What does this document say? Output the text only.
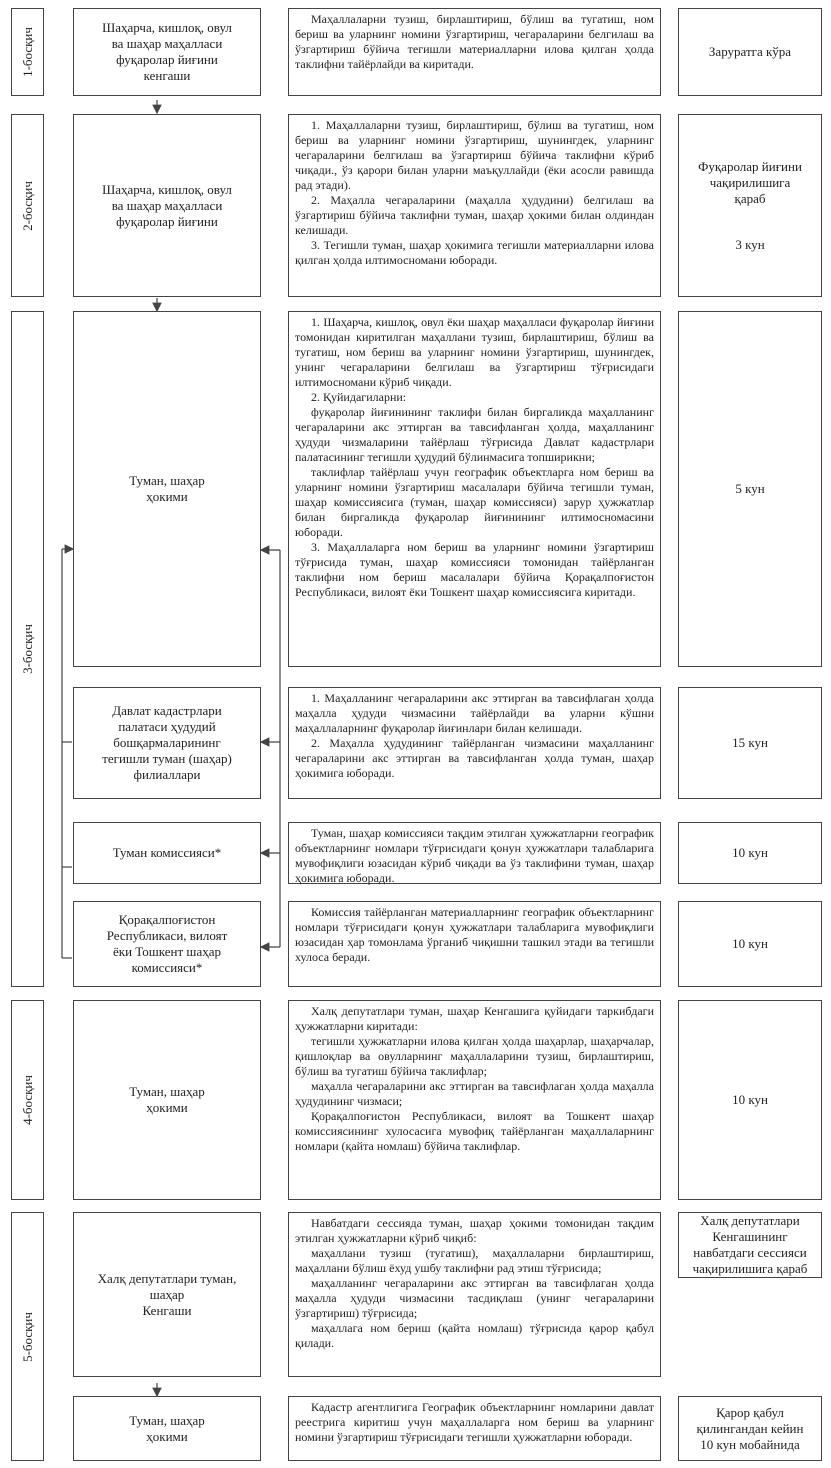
1-босқич
2-босқич
3-босқич
4-босқич
5-босқич
Шаҳарча, кишлоқ, овул
ва шаҳар маҳалласи
фуқаролар йиғини
кенгаши

Маҳаллаларни тузиш, бирлаштириш, бўлиш ва тугатиш, ном бериш ва уларнинг номини ўзгартириш, чегараларини белгилаш ва ўзгартириш бўйича тегишли материалларни илова қилган ҳолда таклифни тайёрлайди ва киритади.

Заруратга кўра
Шаҳарча, кишлоқ, овул
ва шаҳар маҳалласи
фуқаролар йиғини

1. Маҳаллаларни тузиш, бирлаштириш, бўлиш ва тугатиш, ном бериш ва уларнинг номини ўзгартириш, шунингдек, уларнинг чегараларини белгилаш ва ўзгартириш бўйича таклифни кўриб чиқади., ўз қарори билан уларни маъқуллайди (ёки асосли равишда рад этади).

2. Маҳалла чегараларини (маҳалла ҳудудини) белгилаш ва ўзгартириш бўйича таклифни туман, шаҳар ҳокими билан олдиндан келишади.

3. Тегишли туман, шаҳар ҳокимига тегишли материалларни илова қилган ҳолда илтимосномани юборади.

Фуқаролар йиғини
чақирилишига
қараб
3 кун
Туман, шаҳар
ҳокими

1. Шаҳарча, кишлоқ, овул ёки шаҳар маҳалласи фуқаролар йиғини томонидан киритилган маҳаллани тузиш, бирлаштириш, бўлиш ва тугатиш, ном бериш ва уларнинг номини ўзгартириш, шунингдек, унинг чегараларини белгилаш ва ўзгартириш тўғрисидаги илтимосномани кўриб чиқади.

2. Қуйидагиларни:

фуқаролар йиғинининг таклифи билан биргаликда маҳалланинг чегараларини акс эттирган ва тавсифланган ҳолда, маҳалланинг ҳудуди чизмаларини тайёрлаш тўғрисида Давлат кадастрлари палатасининг тегишли ҳудудий бўлинмасига топширикни;

таклифлар тайёрлаш учун географик объектларга ном бериш ва уларнинг номини ўзгартириш масалалари бўйича тегишли туман, шаҳар комиссиясига (туман, шаҳар комиссияси) зарур ҳужжатлар билан биргаликда фуқаролар йиғинининг илтимосномасини юборади.

3. Маҳаллаларга ном бериш ва уларнинг номини ўзгартириш тўғрисида туман, шаҳар комиссияси томонидан тайёрланган таклифни ном бериш масалалари бўйича Қорақалпоғистон Республикаси, вилоят ёки Тошкент шаҳар комиссиясига киритади.

5 кун
Давлат кадастрлари
палатаси ҳудудий
бошқармаларининг
тегишли туман (шаҳар)
филиаллари

1. Маҳалланинг чегараларини акс эттирган ва тавсифлаган ҳолда маҳалла ҳудуди чизмасини тайёрлайди ва уларни кўшни маҳаллаларнинг фуқаролар йиғинлари билан келишади.

2. Маҳалла ҳудудининг тайёрланган чизмасини маҳалланинг чегараларини акс эттирган ва тавсифланган ҳолда туман, шаҳар ҳокимига юборади.

15 кун
Туман комиссияси*

Туман, шаҳар комиссияси тақдим этилган ҳужжатларни географик объектларнинг номлари тўғрисидаги қонун ҳужжатлари талабларига мувофиқлиги юзасидан кўриб чиқади ва ўз таклифини туман, шаҳар ҳокимига юборади.

10 кун
Қорақалпоғистон
Республикаси, вилоят
ёки Тошкент шаҳар
комиссияси*

Комиссия тайёрланган материалларнинг географик объектларнинг номлари тўғрисидаги қонун ҳужжатлари талабларига мувофиқлиги юзасидан ҳар томонлама ўрганиб чиқишни ташкил этади ва тегишли хулоса беради.

10 кун
Туман, шаҳар
ҳокими

Халқ депутатлари туман, шаҳар Кенгашига қуйидаги таркибдаги ҳужжатларни киритади:

тегишли ҳужжатларни илова қилган ҳолда шаҳарлар, шаҳарчалар, қишлоқлар ва овулларнинг маҳаллаларини тузиш, бирлаштириш, бўлиш ва тугатиш бўйича таклифлар;

маҳалла чегараларини акс эттирган ва тавсифлаган ҳолда маҳалла ҳудудининг чизмаси;

Қорақалпоғистон Республикаси, вилоят ва Тошкент шаҳар комиссиясининг хулосасига мувофиқ тайёрланган маҳаллаларнинг номлари (қайта номлаш) бўйича таклифлар.

10 кун
Халқ депутатлари туман,
шаҳар
Кенгаши

Навбатдаги сессияда туман, шаҳар ҳокими томонидан тақдим этилган ҳужжатларни кўриб чиқиб:

маҳаллани тузиш (тугатиш), маҳаллаларни бирлаштириш, маҳаллани бўлиш ёхуд ушбу таклифни рад этиш тўғрисида;

маҳалланинг чегараларини акс эттирган ва тавсифлаган ҳолда маҳалла ҳудуди чизмасини тасдиқлаш (унинг чегараларини ўзгартириш) тўғрисида;

маҳаллага ном бериш (қайта номлаш) тўғрисида қарор қабул қилади.

Халқ депутатлари
Кенгашининг
навбатдаги сессияси
чақирилишига қараб
Туман, шаҳар
ҳокими

Кадастр агентлигига Географик объектларнинг номларини давлат реестрига киритиш учун маҳаллаларга ном бериш ва уларнинг номини ўзгартириш тўғрисидаги тегишли ҳужжатларни юборади.

Қарор қабул
қилингандан кейин
10 кун мобайнида
